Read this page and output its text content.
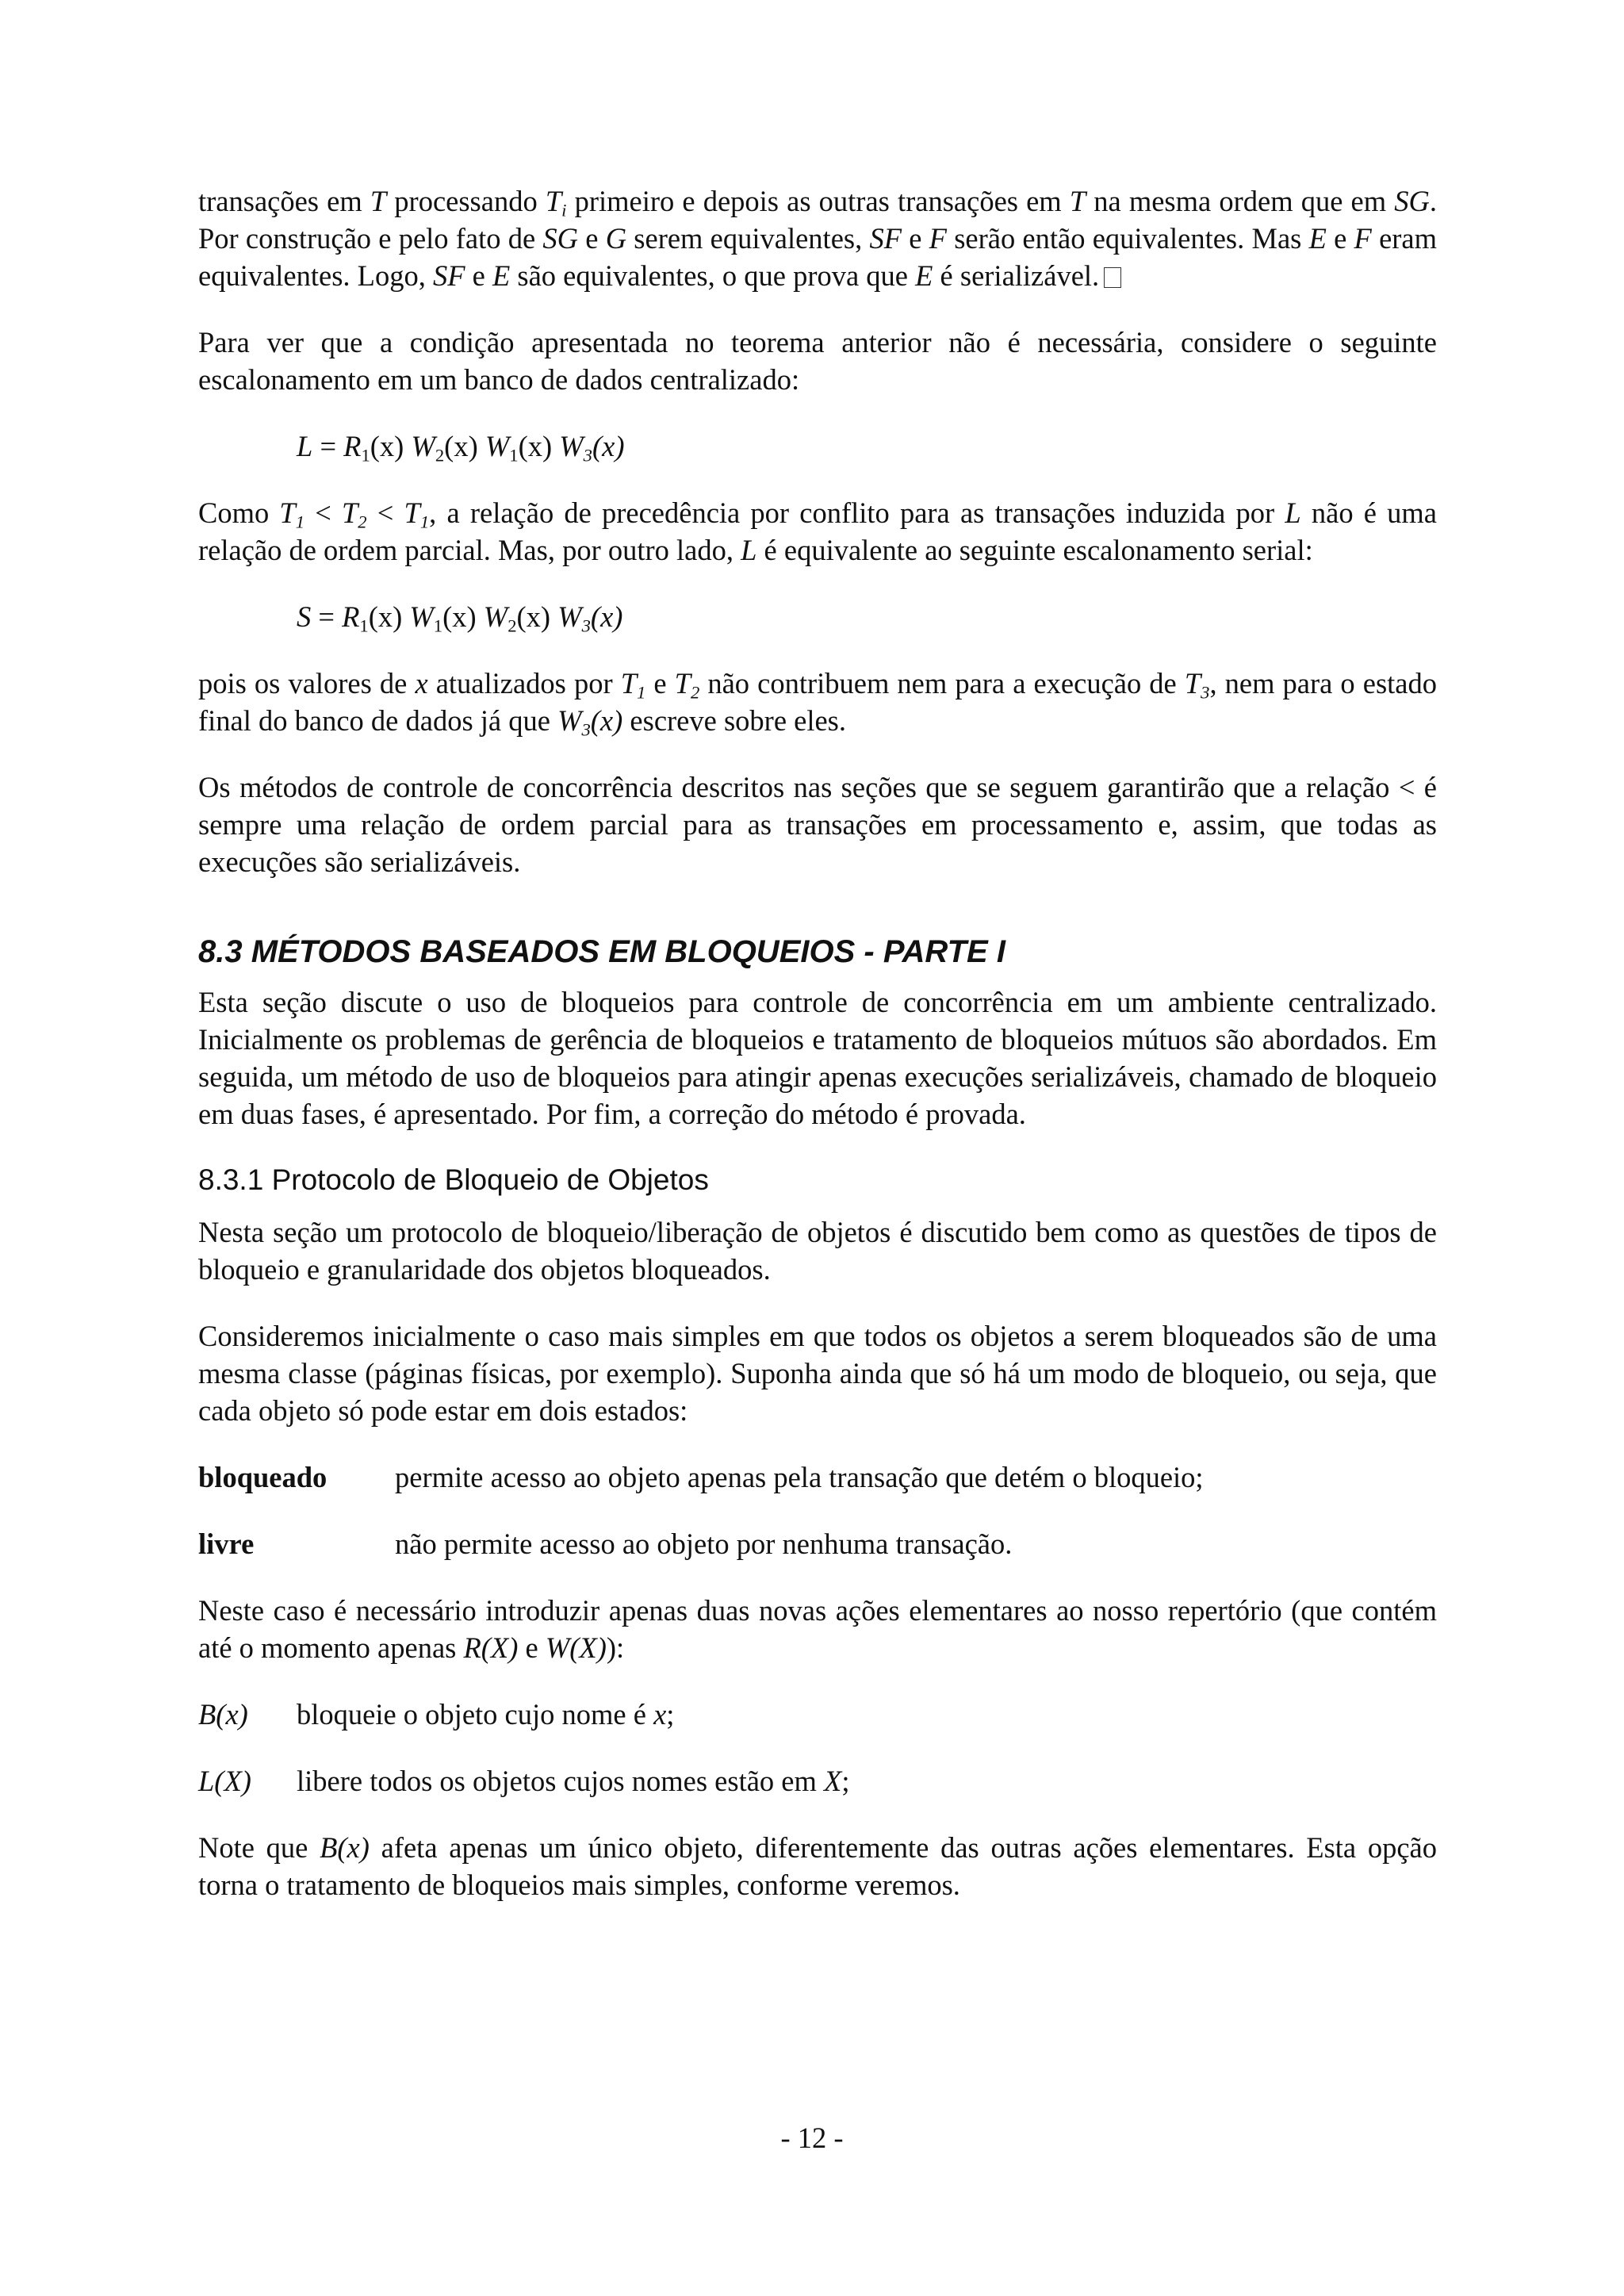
transações em T processando $T_i$ primeiro e depois as outras transações em T na mesma ordem que em SG. Por construção e pelo fato de SG e G serem equivalentes, SF e F serão então equivalentes. Mas E e F eram equivalentes. Logo, SF e E são equivalentes, o que prova que E é serializável.

Para ver que a condição apresentada no teorema anterior não é necessária, considere o seguinte escalonamento em um banco de dados centralizado:

$L = R_1(x)$ $W_2(x)$ $W_1(x)$ $W_3(x)$

Como $T_1 < T_2 < T_1$, a relação de precedência por conflito para as transações induzida por L não é uma relação de ordem parcial. Mas, por outro lado, L é equivalente ao seguinte escalonamento serial:

$S = R_1(x)$ $W_1(x)$ $W_2(x)$ $W_3(x)$

pois os valores de x atualizados por $T_1$ e $T_2$ não contribuem nem para a execução de $T_3$, nem para o estado final do banco de dados já que $W_3(x)$ escreve sobre eles.

Os métodos de controle de concorrência descritos nas seções que se seguem garantirão que a relação < é sempre uma relação de ordem parcial para as transações em processamento e, assim, que todas as execuções são serializáveis.

8.3 MÉTODOS BASEADOS EM BLOQUEIOS - PARTE I

Esta seção discute o uso de bloqueios para controle de concorrência em um ambiente centralizado. Inicialmente os problemas de gerência de bloqueios e tratamento de bloqueios mútuos são abordados. Em seguida, um método de uso de bloqueios para atingir apenas execuções serializáveis, chamado de bloqueio em duas fases, é apresentado. Por fim, a correção do método é provada.

8.3.1 Protocolo de Bloqueio de Objetos

Nesta seção um protocolo de bloqueio/liberação de objetos é discutido bem como as questões de tipos de bloqueio e granularidade dos objetos bloqueados.

Consideremos inicialmente o caso mais simples em que todos os objetos a serem bloqueados são de uma mesma classe (páginas físicas, por exemplo). Suponha ainda que só há um modo de bloqueio, ou seja, que cada objeto só pode estar em dois estados:

bloqueado	permite acesso ao objeto apenas pela transação que detém o bloqueio;
livre	não permite acesso ao objeto por nenhuma transação.

Neste caso é necessário introduzir apenas duas novas ações elementares ao nosso repertório (que contém até o momento apenas R(X) e W(X)):

B(x)	bloqueie o objeto cujo nome é x;
L(X)	libere todos os objetos cujos nomes estão em X;

Note que B(x) afeta apenas um único objeto, diferentemente das outras ações elementares. Esta opção torna o tratamento de bloqueios mais simples, conforme veremos.

- 12 -
